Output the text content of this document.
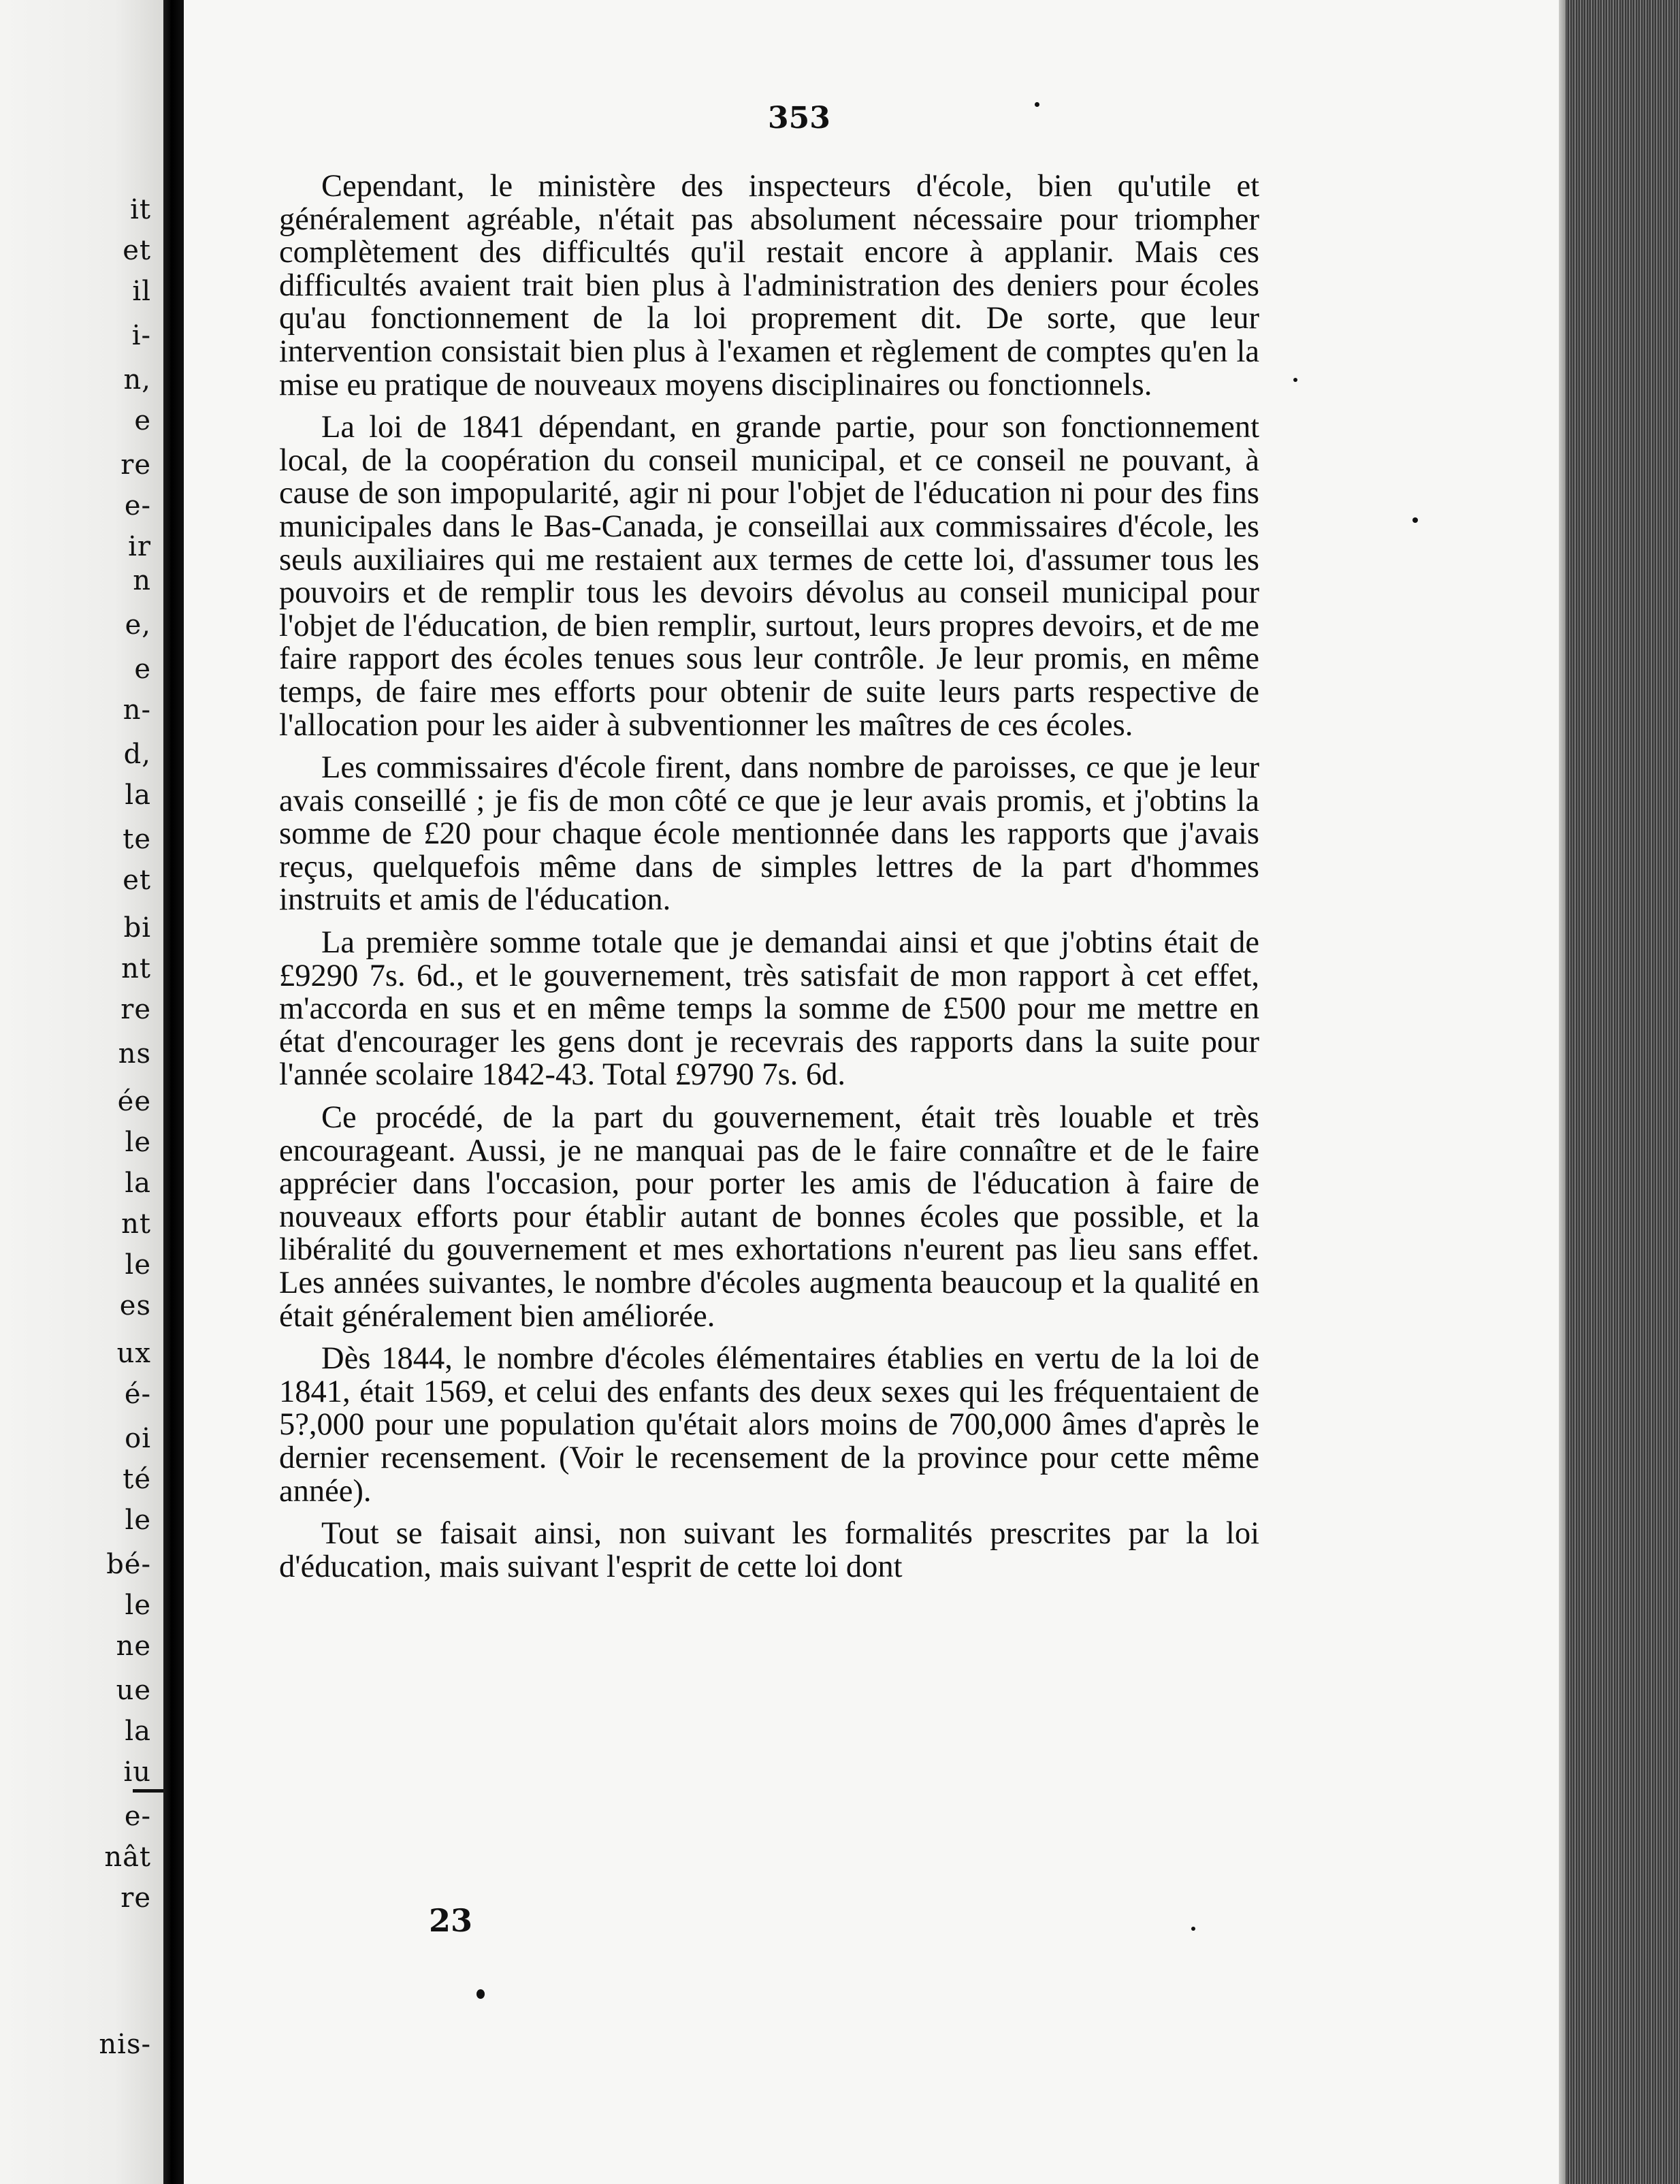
it
et
il
i-
n,
e
re
e-
ir
n
e,
e
n-
d,
la
te
et
bi
nt
re
ns
ée
le
la
nt
le
es
ux
é-
oi
té
le
bé-
le
ne
ue
la
iu
e-
nât
re
nis-
353

Cependant, le ministère des inspecteurs d'école, bien qu'utile et généralement agréable, n'était pas absolument nécessaire pour triompher complètement des difficultés qu'il restait encore à applanir. Mais ces difficultés avaient trait bien plus à l'administration des deniers pour écoles qu'au fonctionnement de la loi proprement dit. De sorte, que leur intervention consistait bien plus à l'examen et règlement de comptes qu'en la mise eu pratique de nouveaux moyens disciplinaires ou fonctionnels.

La loi de 1841 dépendant, en grande partie, pour son fonctionnement local, de la coopération du conseil municipal, et ce conseil ne pouvant, à cause de son impopularité, agir ni pour l'objet de l'éducation ni pour des fins municipales dans le Bas-Canada, je conseillai aux commissaires d'école, les seuls auxiliaires qui me restaient aux termes de cette loi, d'assumer tous les pouvoirs et de remplir tous les devoirs dévolus au conseil municipal pour l'objet de l'éducation, de bien remplir, surtout, leurs propres devoirs, et de me faire rapport des écoles tenues sous leur contrôle. Je leur promis, en même temps, de faire mes efforts pour obtenir de suite leurs parts respective de l'allocation pour les aider à subventionner les maîtres de ces écoles.

Les commissaires d'école firent, dans nombre de paroisses, ce que je leur avais conseillé ; je fis de mon côté ce que je leur avais promis, et j'obtins la somme de £20 pour chaque école mentionnée dans les rapports que j'avais reçus, quelquefois même dans de simples lettres de la part d'hommes instruits et amis de l'éducation.

La première somme totale que je demandai ainsi et que j'obtins était de £9290 7s. 6d., et le gouvernement, très satisfait de mon rapport à cet effet, m'accorda en sus et en même temps la somme de £500 pour me mettre en état d'encourager les gens dont je recevrais des rapports dans la suite pour l'année scolaire 1842-43. Total £9790 7s. 6d.

Ce procédé, de la part du gouvernement, était très louable et très encourageant. Aussi, je ne manquai pas de le faire connaître et de le faire apprécier dans l'occasion, pour porter les amis de l'éducation à faire de nouveaux efforts pour établir autant de bonnes écoles que possible, et la libéralité du gouvernement et mes exhortations n'eurent pas lieu sans effet. Les années suivantes, le nombre d'écoles augmenta beaucoup et la qualité en était généralement bien améliorée.

Dès 1844, le nombre d'écoles élémentaires établies en vertu de la loi de 1841, était 1569, et celui des enfants des deux sexes qui les fréquentaient de 5?,000 pour une population qu'était alors moins de 700,000 âmes d'après le dernier recensement. (Voir le recensement de la province pour cette même année).

Tout se faisait ainsi, non suivant les formalités prescrites par la loi d'éducation, mais suivant l'esprit de cette loi dont

23
